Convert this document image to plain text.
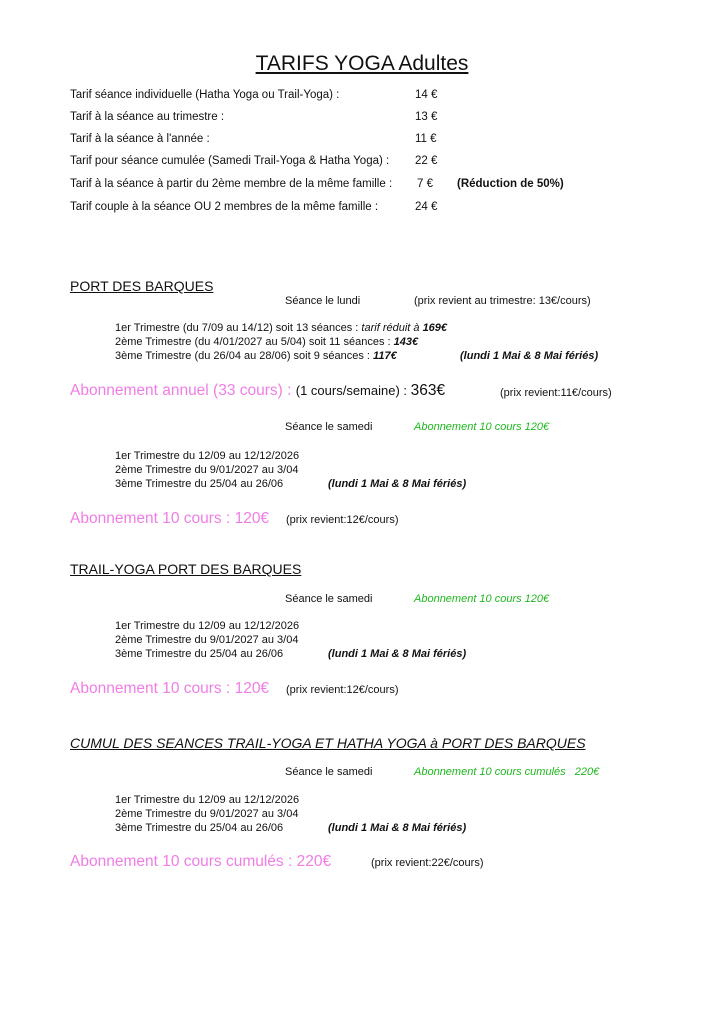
TARIFS YOGA Adultes
Tarif séance individuelle (Hatha Yoga ou Trail-Yoga) :	14 €
Tarif à la séance au trimestre :	13 €
Tarif à la séance à l'année :	11 €
Tarif pour séance cumulée (Samedi Trail-Yoga & Hatha Yoga) : 22 €
Tarif à la séance à partir du 2ème membre de la même famille : 7 € (Réduction de 50%)
Tarif couple à la séance OU 2 membres de la même famille :	24 €
PORT DES BARQUES
Séance le lundi	(prix revient au trimestre: 13€/cours)
1er Trimestre (du 7/09 au 14/12) soit 13 séances : tarif réduit à 169€
2ème Trimestre (du 4/01/2027 au 5/04) soit 11 séances : 143€
3ème Trimestre (du 26/04 au 28/06) soit 9 séances : 117€	(lundi 1 Mai & 8 Mai fériés)
Abonnement annuel (33 cours) : (1 cours/semaine) : 363€	(prix revient:11€/cours)
Séance le samedi	Abonnement 10 cours 120€
1er Trimestre du 12/09 au 12/12/2026
2ème Trimestre du 9/01/2027 au 3/04
3ème Trimestre du 25/04 au 26/06	(lundi 1 Mai & 8 Mai fériés)
Abonnement 10 cours : 120€ (prix revient:12€/cours)
TRAIL-YOGA PORT DES BARQUES
Séance le samedi	Abonnement 10 cours 120€
1er Trimestre du 12/09 au 12/12/2026
2ème Trimestre du 9/01/2027 au 3/04
3ème Trimestre du 25/04 au 26/06	(lundi 1 Mai & 8 Mai fériés)
Abonnement 10 cours : 120€ (prix revient:12€/cours)
CUMUL DES SEANCES TRAIL-YOGA ET HATHA YOGA à PORT DES BARQUES
Séance le samedi	Abonnement 10 cours cumulés   220€
1er Trimestre du 12/09 au 12/12/2026
2ème Trimestre du 9/01/2027 au 3/04
3ème Trimestre du 25/04 au 26/06	(lundi 1 Mai & 8 Mai fériés)
Abonnement 10 cours cumulés : 220€	(prix revient:22€/cours)
